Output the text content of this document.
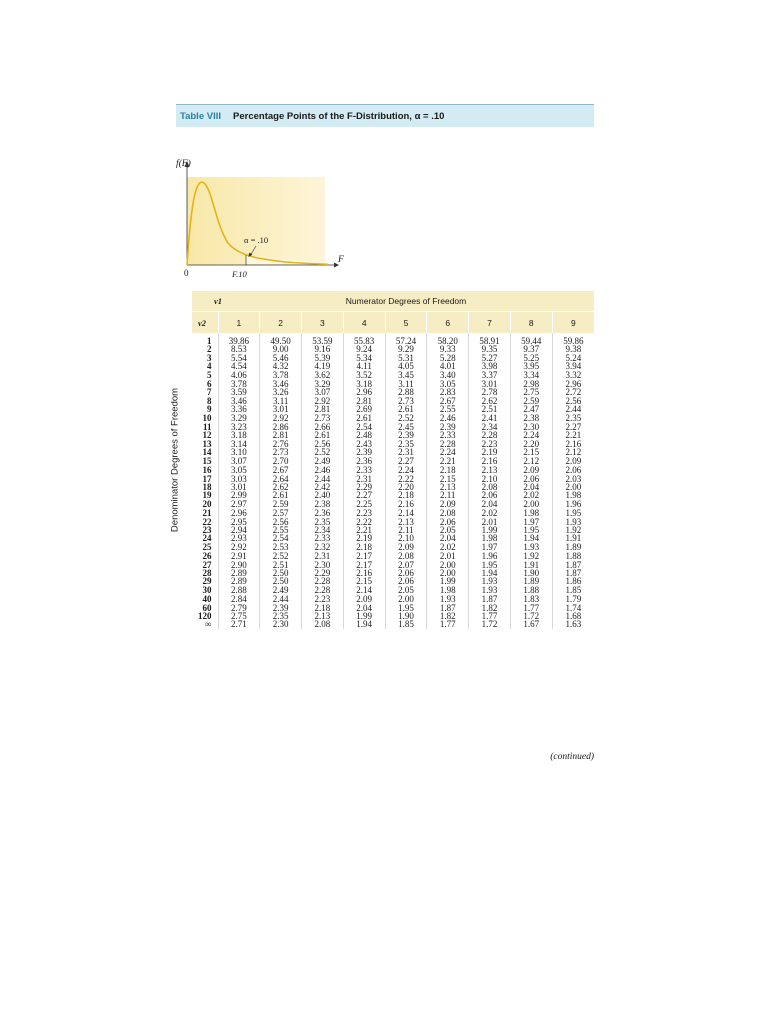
Table VIII Percentage Points of the F-Distribution, α = .10
f(F)
F
0	F.10
α = .10
Denominator Degrees of Freedom
ν1	Numerator Degrees of Freedom								
ν2	1	2	3	4	5	6	7	8	9
1	39.86	49.50	53.59	55.83	57.24	58.20	58.91	59.44	59.86
2	8.53	9.00	9.16	9.24	9.29	9.33	9.35	9.37	9.38
3	5.54	5.46	5.39	5.34	5.31	5.28	5.27	5.25	5.24
4	4.54	4.32	4.19	4.11	4.05	4.01	3.98	3.95	3.94
5	4.06	3.78	3.62	3.52	3.45	3.40	3.37	3.34	3.32
6	3.78	3.46	3.29	3.18	3.11	3.05	3.01	2.98	2.96
7	3.59	3.26	3.07	2.96	2.88	2.83	2.78	2.75	2.72
8	3.46	3.11	2.92	2.81	2.73	2.67	2.62	2.59	2.56
9	3.36	3.01	2.81	2.69	2.61	2.55	2.51	2.47	2.44
10	3.29	2.92	2.73	2.61	2.52	2.46	2.41	2.38	2.35
11	3.23	2.86	2.66	2.54	2.45	2.39	2.34	2.30	2.27
12	3.18	2.81	2.61	2.48	2.39	2.33	2.28	2.24	2.21
13	3.14	2.76	2.56	2.43	2.35	2.28	2.23	2.20	2.16
14	3.10	2.73	2.52	2.39	2.31	2.24	2.19	2.15	2.12
15	3.07	2.70	2.49	2.36	2.27	2.21	2.16	2.12	2.09
16	3.05	2.67	2.46	2.33	2.24	2.18	2.13	2.09	2.06
17	3.03	2.64	2.44	2.31	2.22	2.15	2.10	2.06	2.03
18	3.01	2.62	2.42	2.29	2.20	2.13	2.08	2.04	2.00
19	2.99	2.61	2.40	2.27	2.18	2.11	2.06	2.02	1.98
20	2.97	2.59	2.38	2.25	2.16	2.09	2.04	2.00	1.96
21	2.96	2.57	2.36	2.23	2.14	2.08	2.02	1.98	1.95
22	2.95	2.56	2.35	2.22	2.13	2.06	2.01	1.97	1.93
23	2.94	2.55	2.34	2.21	2.11	2.05	1.99	1.95	1.92
24	2.93	2.54	2.33	2.19	2.10	2.04	1.98	1.94	1.91
25	2.92	2.53	2.32	2.18	2.09	2.02	1.97	1.93	1.89
26	2.91	2.52	2.31	2.17	2.08	2.01	1.96	1.92	1.88
27	2.90	2.51	2.30	2.17	2.07	2.00	1.95	1.91	1.87
28	2.89	2.50	2.29	2.16	2.06	2.00	1.94	1.90	1.87
29	2.89	2.50	2.28	2.15	2.06	1.99	1.93	1.89	1.86
30	2.88	2.49	2.28	2.14	2.05	1.98	1.93	1.88	1.85
40	2.84	2.44	2.23	2.09	2.00	1.93	1.87	1.83	1.79
60	2.79	2.39	2.18	2.04	1.95	1.87	1.82	1.77	1.74
120	2.75	2.35	2.13	1.99	1.90	1.82	1.77	1.72	1.68
∞	2.71	2.30	2.08	1.94	1.85	1.77	1.72	1.67	1.63
(continued)
